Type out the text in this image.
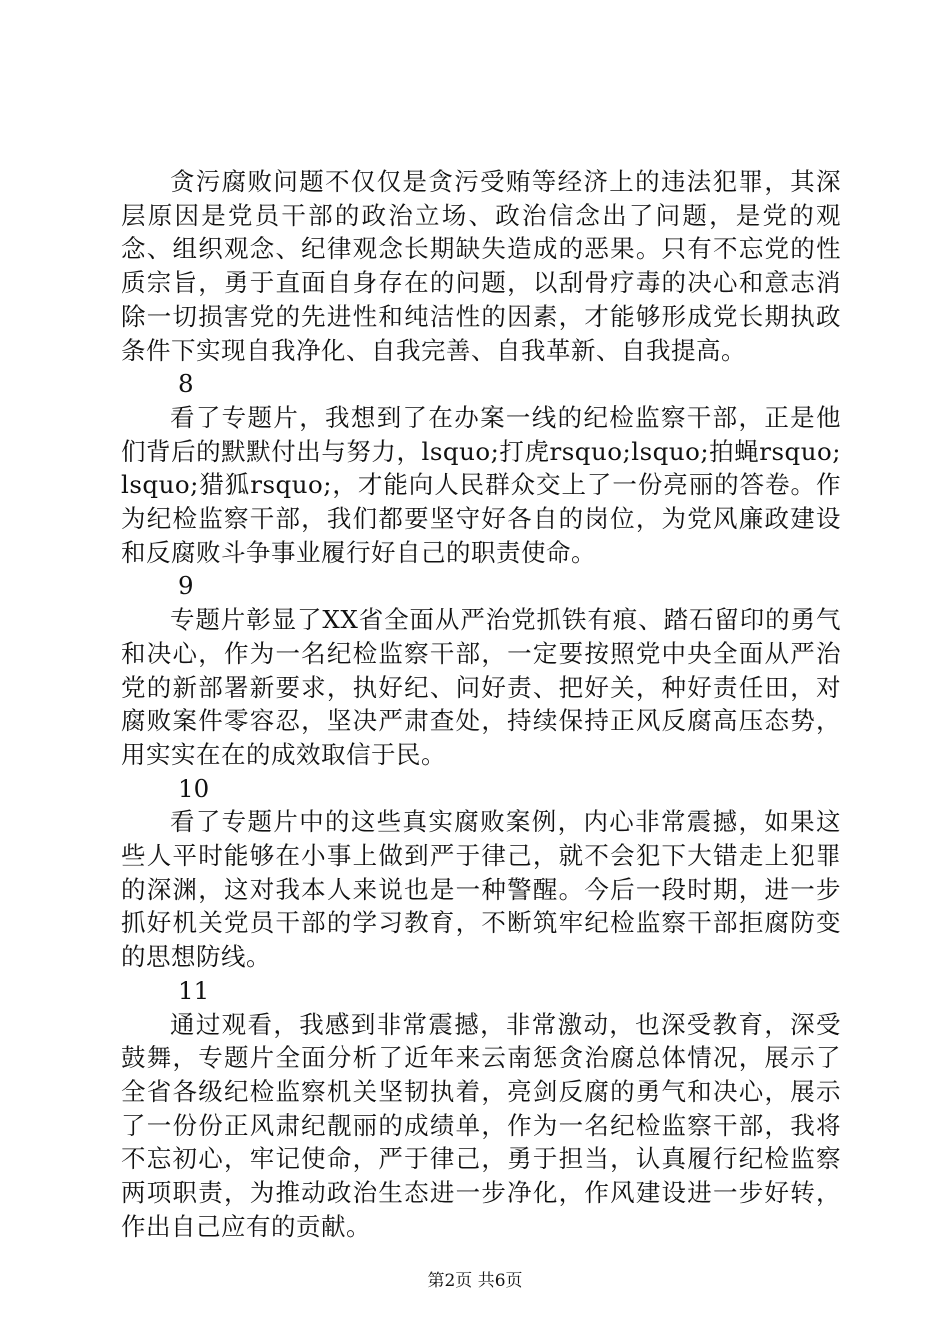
贪污腐败问题不仅仅是贪污受贿等经济上的违法犯罪，其深层原因是党员干部的政治立场、政治信念出了问题，是党的观念、组织观念、纪律观念长期缺失造成的恶果。只有不忘党的性质宗旨，勇于直面自身存在的问题，以刮骨疗毒的决心和意志消除一切损害党的先进性和纯洁性的因素，才能够形成党长期执政条件下实现自我净化、自我完善、自我革新、自我提高。

8

看了专题片，我想到了在办案一线的纪检监察干部，正是他们背后的默默付出与努力，lsquo;打虎rsquo;lsquo;拍蝇rsquo;lsquo;猎狐rsquo;，才能向人民群众交上了一份亮丽的答卷。作为纪检监察干部，我们都要坚守好各自的岗位，为党风廉政建设和反腐败斗争事业履行好自己的职责使命。

9

专题片彰显了XX省全面从严治党抓铁有痕、踏石留印的勇气和决心，作为一名纪检监察干部，一定要按照党中央全面从严治党的新部署新要求，执好纪、问好责、把好关，种好责任田，对腐败案件零容忍，坚决严肃查处，持续保持正风反腐高压态势，用实实在在的成效取信于民。

10

看了专题片中的这些真实腐败案例，内心非常震撼，如果这些人平时能够在小事上做到严于律己，就不会犯下大错走上犯罪的深渊，这对我本人来说也是一种警醒。今后一段时期，进一步抓好机关党员干部的学习教育，不断筑牢纪检监察干部拒腐防变的思想防线。

11

通过观看，我感到非常震撼，非常激动，也深受教育，深受鼓舞，专题片全面分析了近年来云南惩贪治腐总体情况，展示了全省各级纪检监察机关坚韧执着，亮剑反腐的勇气和决心，展示了一份份正风肃纪靓丽的成绩单，作为一名纪检监察干部，我将不忘初心，牢记使命，严于律己，勇于担当，认真履行纪检监察两项职责，为推动政治生态进一步净化，作风建设进一步好转，作出自己应有的贡献。

第2页 共6页
